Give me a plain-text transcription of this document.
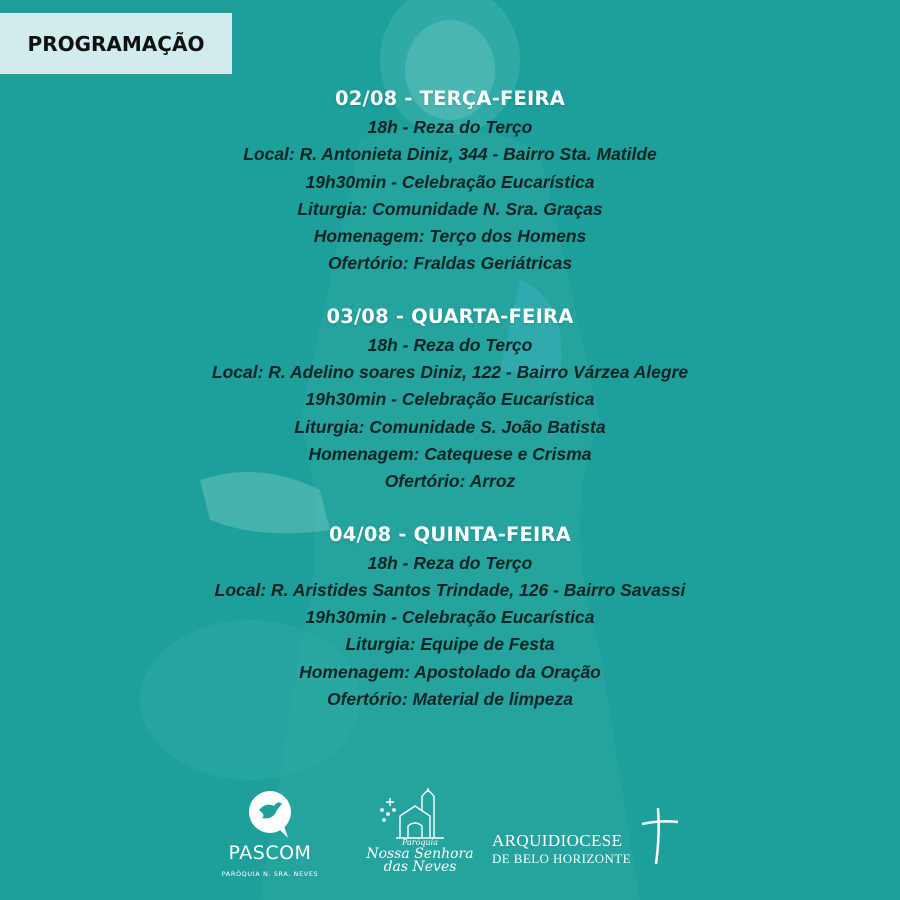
PROGRAMAÇÃO
02/08 - TERÇA-FEIRA
18h - Reza do Terço
Local: R. Antonieta Diniz, 344 - Bairro Sta. Matilde
19h30min - Celebração Eucarística
Liturgia: Comunidade N. Sra. Graças
Homenagem: Terço dos Homens
Ofertório: Fraldas Geriátricas
03/08 - QUARTA-FEIRA
18h - Reza do Terço
Local: R. Adelino soares Diniz, 122 - Bairro Várzea Alegre
19h30min - Celebração Eucarística
Liturgia: Comunidade S. João Batista
Homenagem: Catequese e Crisma
Ofertório: Arroz
04/08 - QUINTA-FEIRA
18h - Reza do Terço
Local: R. Aristides Santos Trindade, 126 - Bairro Savassi
19h30min - Celebração Eucarística
Liturgia: Equipe de Festa
Homenagem: Apostolado da Oração
Ofertório: Material de limpeza
PASCOM
PARÓQUIA N. SRA. NEVES
Paróquia
Nossa Senhora
das Neves
ARQUIDIOCESE
DE BELO HORIZONTE
